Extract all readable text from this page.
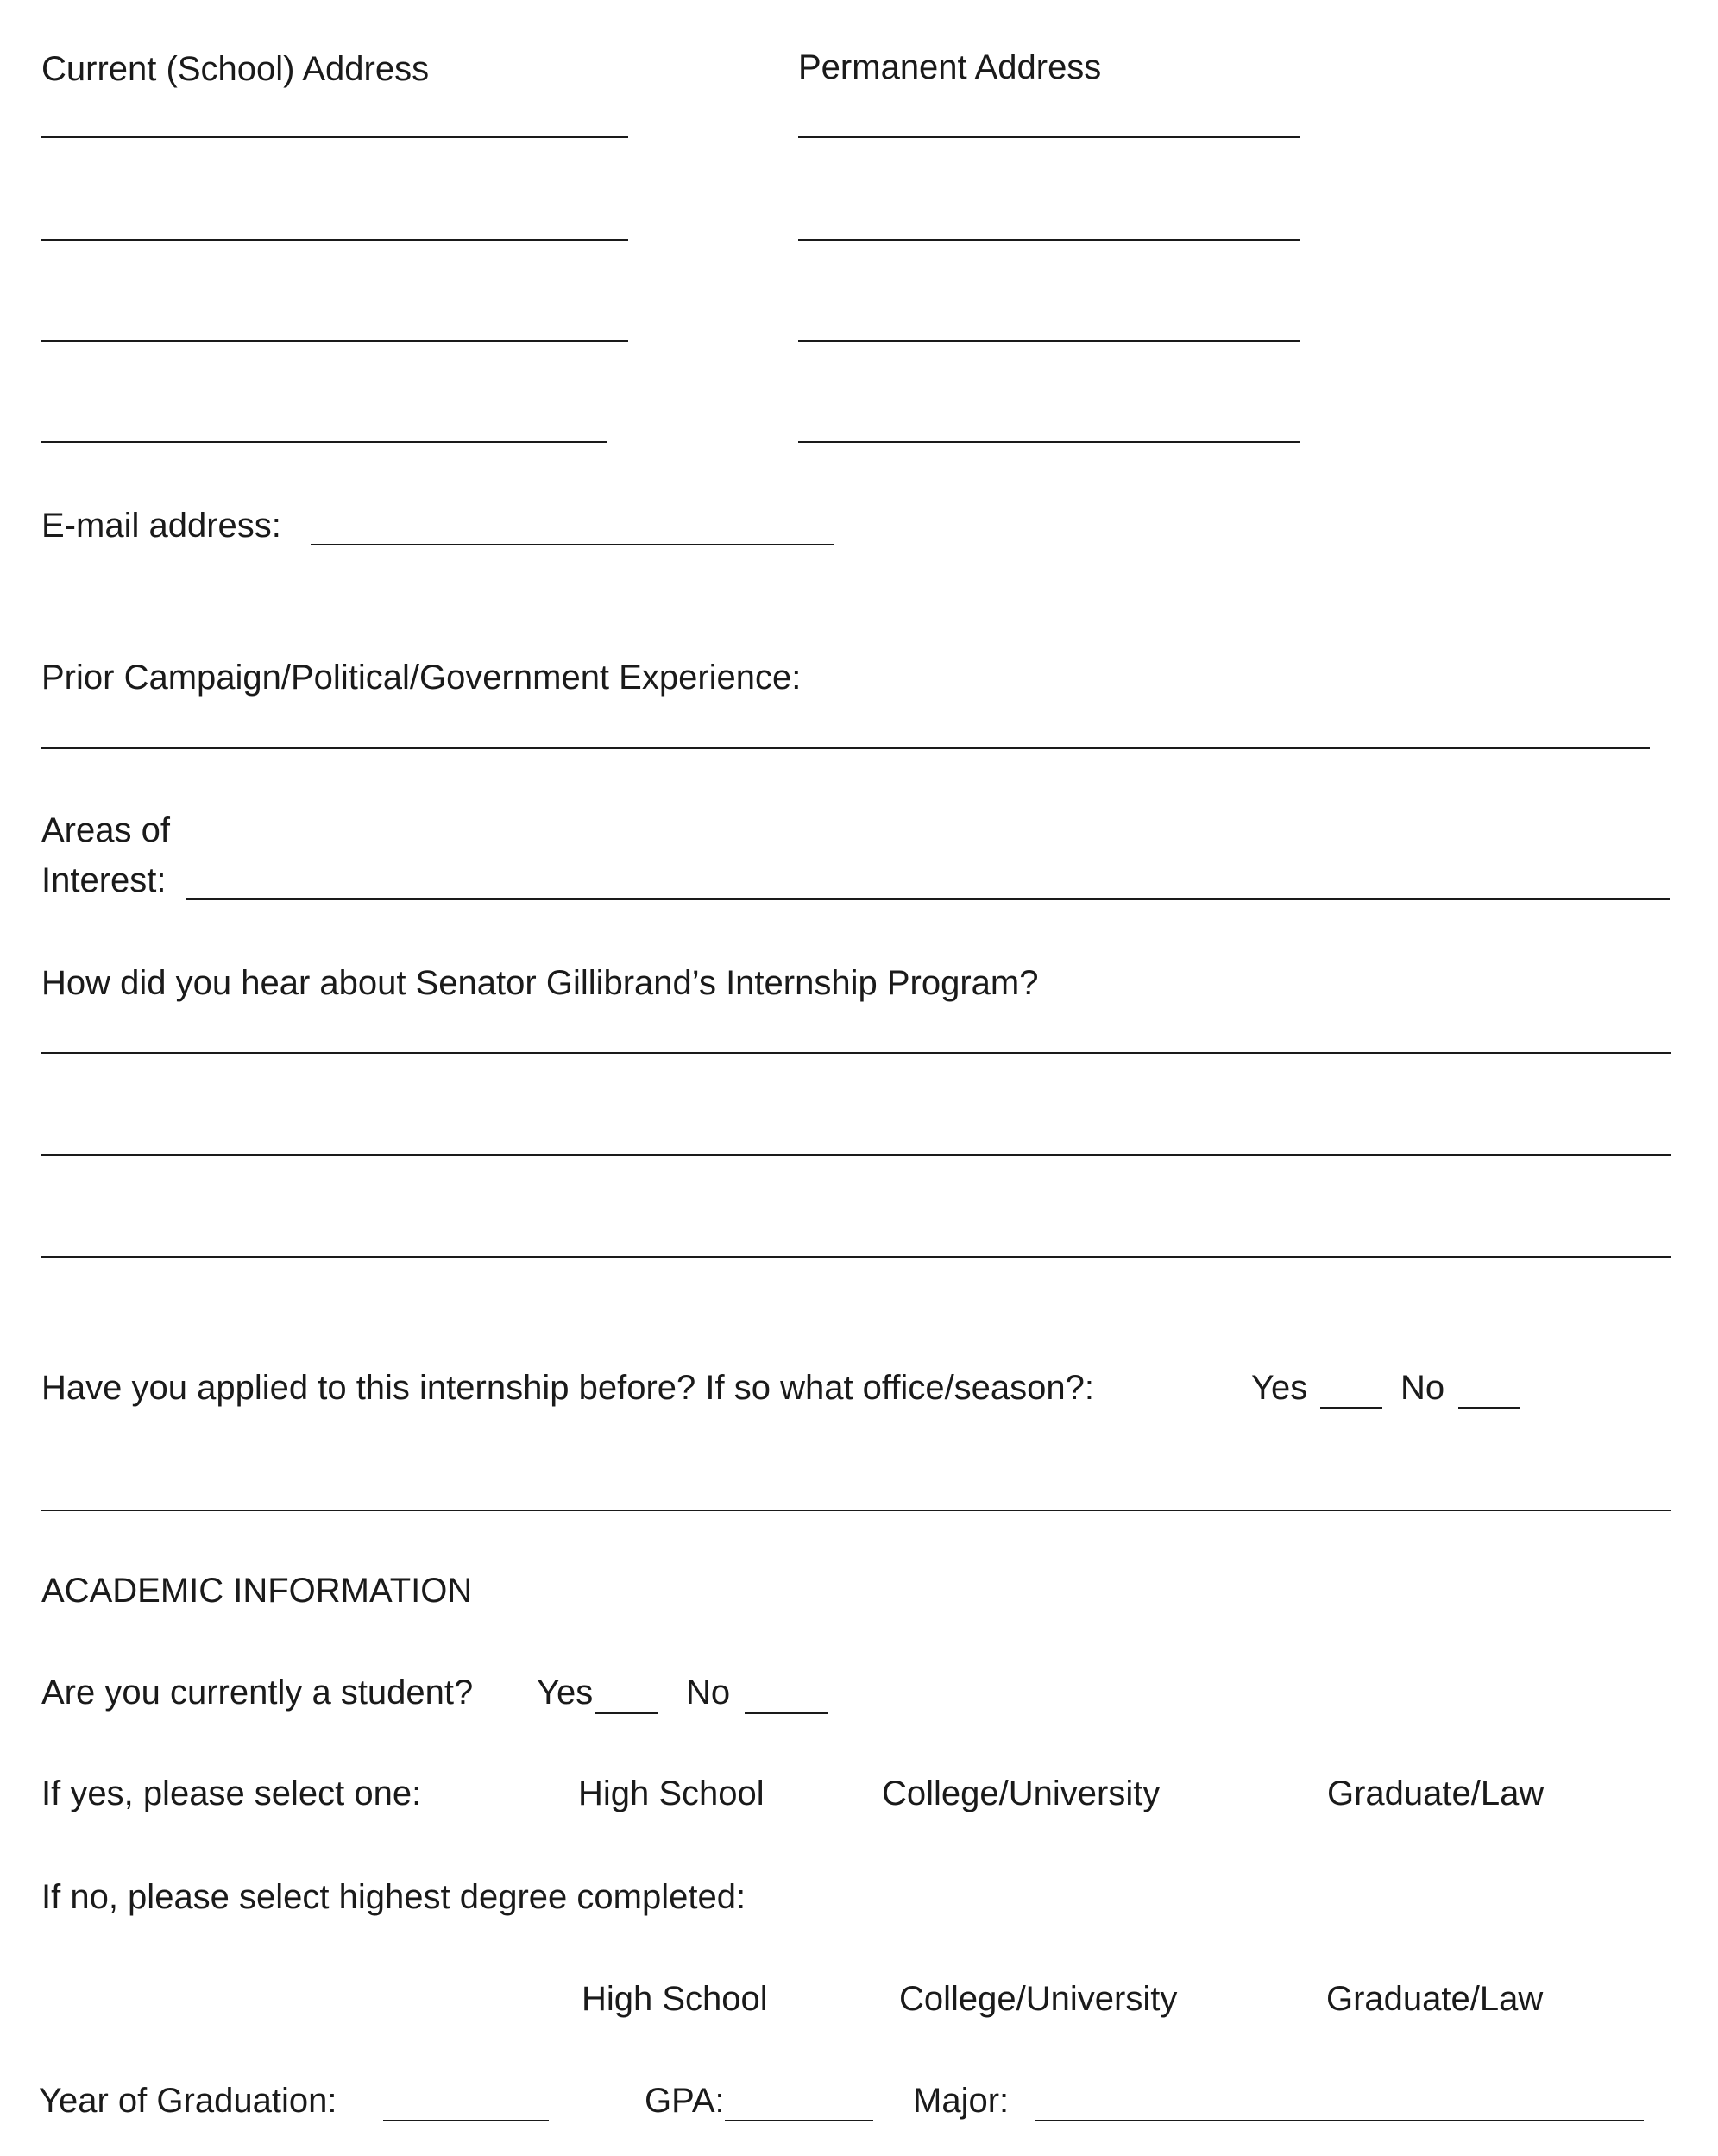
Current (School) Address	Permanent Address

E-mail address:

Prior Campaign/Political/Government Experience:

Areas of

Interest:

How did you hear about Senator Gillibrand’s Internship Program?

Have you applied to this internship before? If so what office/season?:	Yes	No

ACADEMIC INFORMATION

Are you currently a student? Yes	No

If yes, please select one:	High School	College/University	Graduate/Law

If no, please select highest degree completed:

High School	College/University	Graduate/Law

Year of Graduation:	GPA:	Major:
